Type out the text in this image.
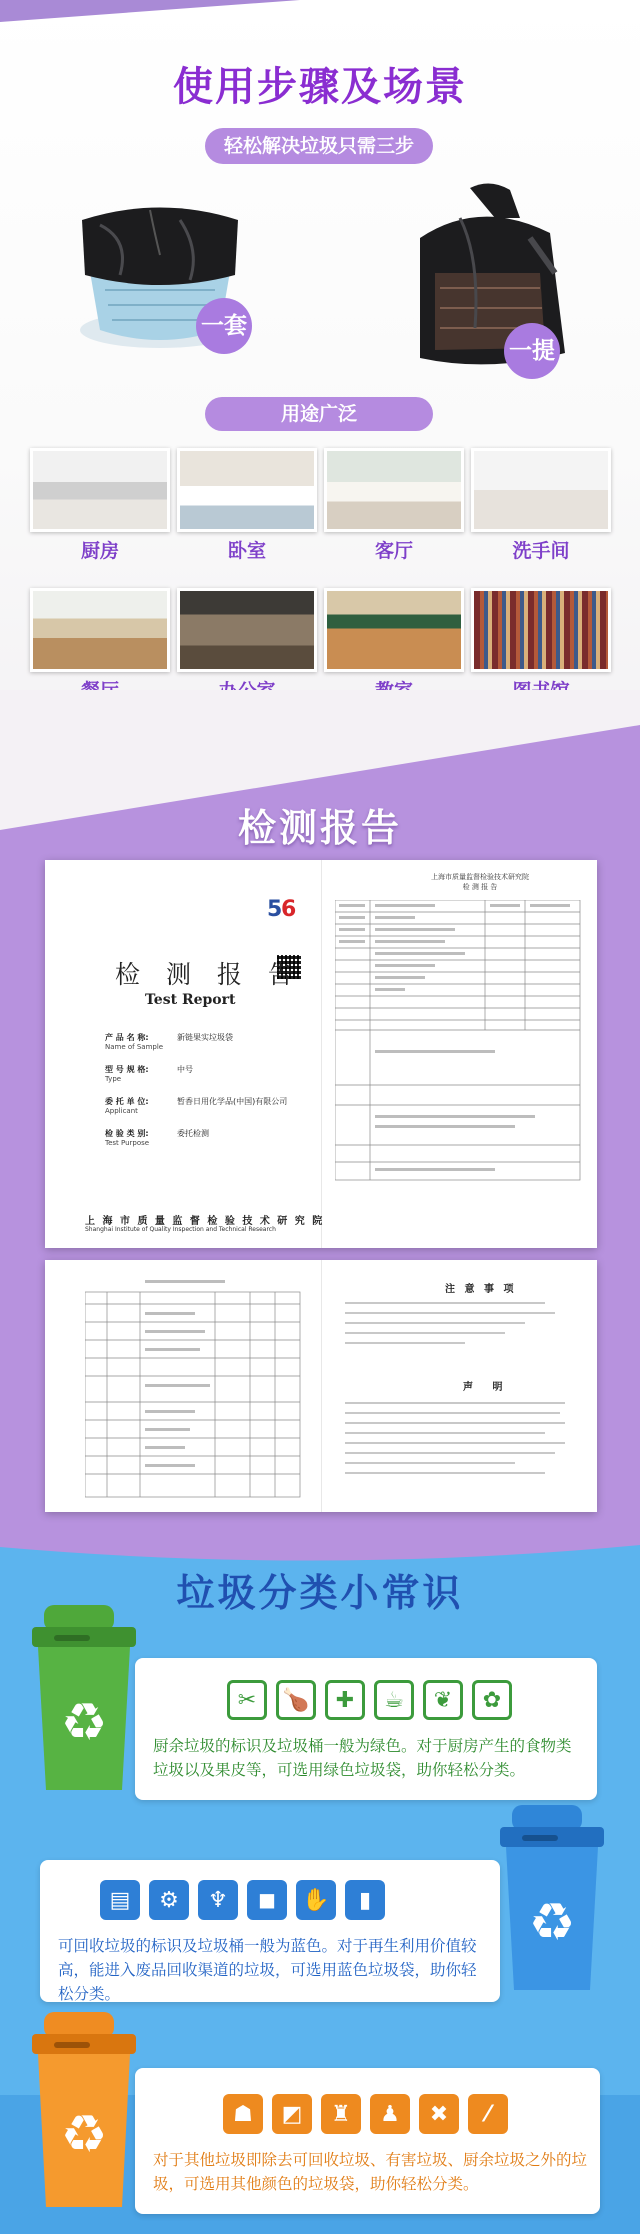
使用步骤及场景
轻松解决垃圾只需三步
一套
一提
用途广泛
厨房	卧室	客厅	洗手间
检测报告
5
6
检 测 报 告
Test Report
产 品 名 称:	新链果实垃圾袋
Name of Sample
型 号 规 格:	中号
Type
委 托 单 位:	暂香日用化学品(中国)有限公司
Applicant
检 验 类 别:	委托检测
Test Purpose
上 海 市 质 量 监 督 检 验 技 术 研 究 院
Shanghai Institute of Quality Inspection and Technical Research
上海市质量监督检验技术研究院
检 测 报 告
注 意 事 项
声 明
垃圾分类小常识
♻	✂	🍗	✚	☕	❦	✿
厨余垃圾的标识及垃圾桶一般为绿色。对于厨房产生的食物类垃圾以及果皮等，可选用绿色垃圾袋，助你轻松分类。
♻
▤	⚙	♆	◼	✋	▮
可回收垃圾的标识及垃圾桶一般为蓝色。对于再生利用价值较高，能进入废品回收渠道的垃圾，可选用蓝色垃圾袋，助你轻松分类。
♻	☗	◩	♜	♟	✖	⁄
对于其他垃圾即除去可回收垃圾、有害垃圾、厨余垃圾之外的垃圾，可选用其他颜色的垃圾袋，助你轻松分类。
